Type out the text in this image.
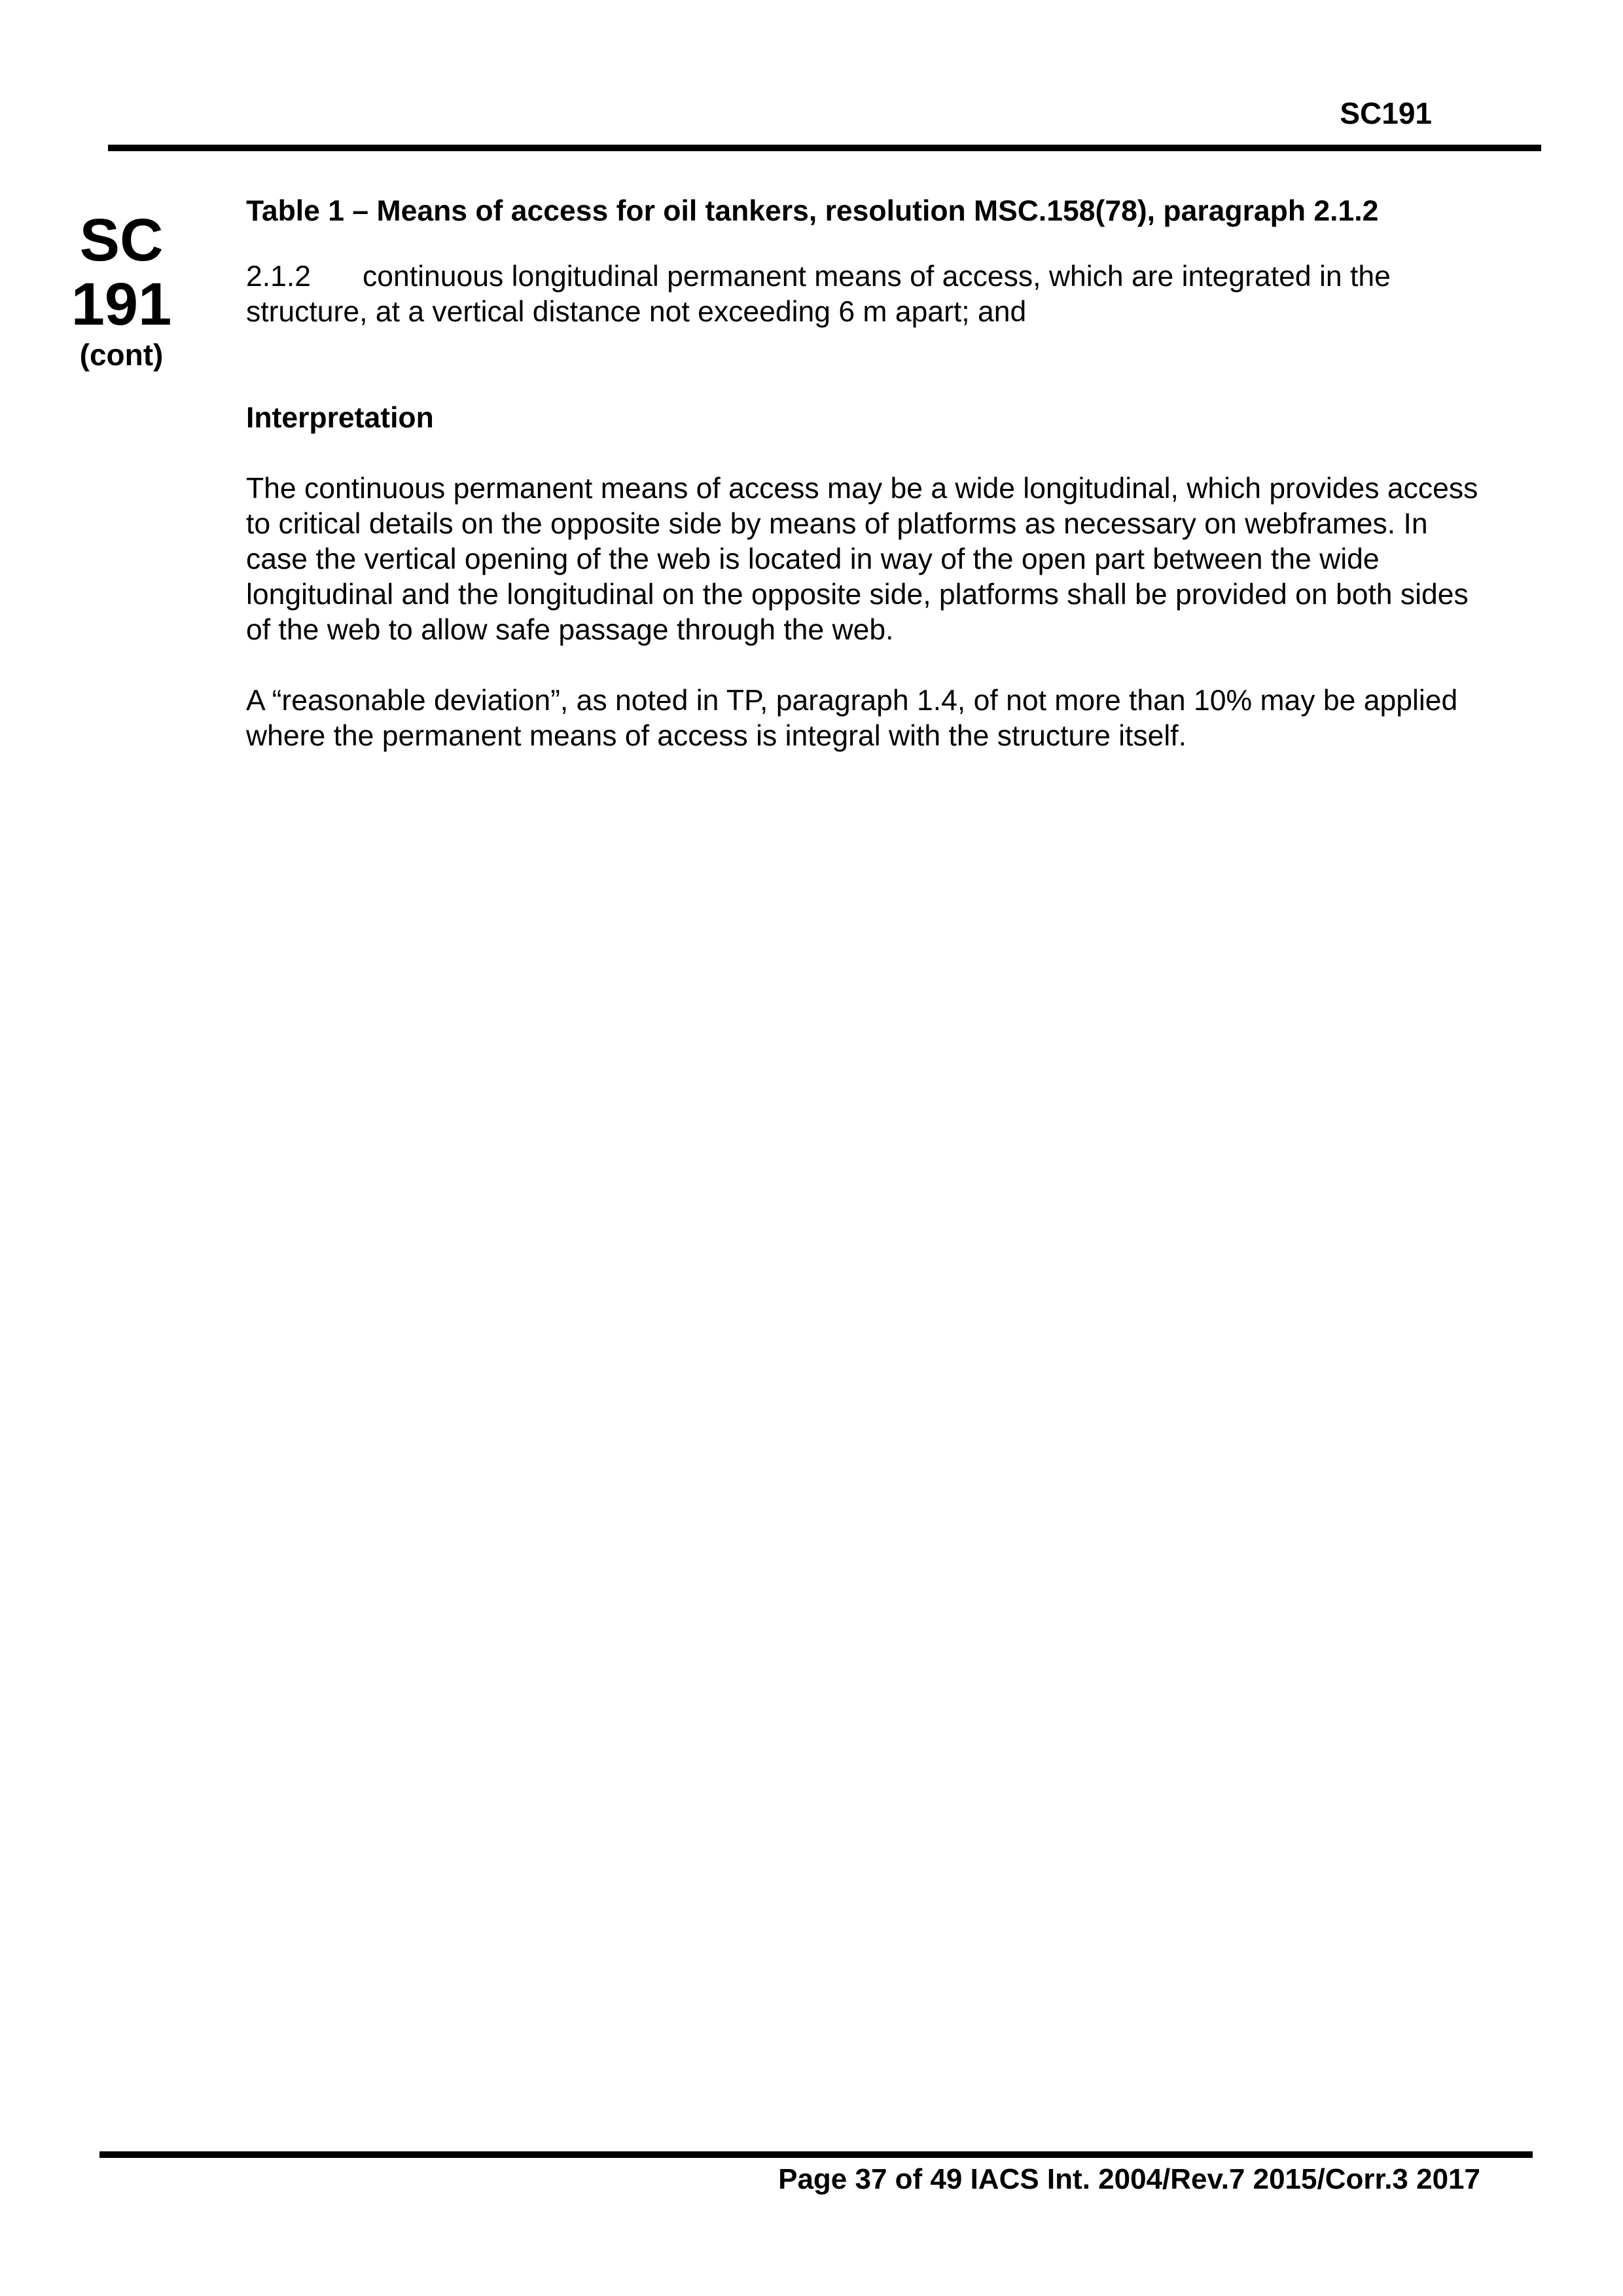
SC191
SC
191
(cont)

Table 1 – Means of access for oil tankers, resolution MSC.158(78), paragraph 2.1.2

2.1.2 continuous longitudinal permanent means of access, which are integrated in the structure, at a vertical distance not exceeding 6 m apart; and

Interpretation

The continuous permanent means of access may be a wide longitudinal, which provides access to critical details on the opposite side by means of platforms as necessary on webframes. In case the vertical opening of the web is located in way of the open part between the wide longitudinal and the longitudinal on the opposite side, platforms shall be provided on both sides of the web to allow safe passage through the web.

A “reasonable deviation”, as noted in TP, paragraph 1.4, of not more than 10% may be applied where the permanent means of access is integral with the structure itself.

Page 37 of 49 IACS Int. 2004/Rev.7 2015/Corr.3 2017
